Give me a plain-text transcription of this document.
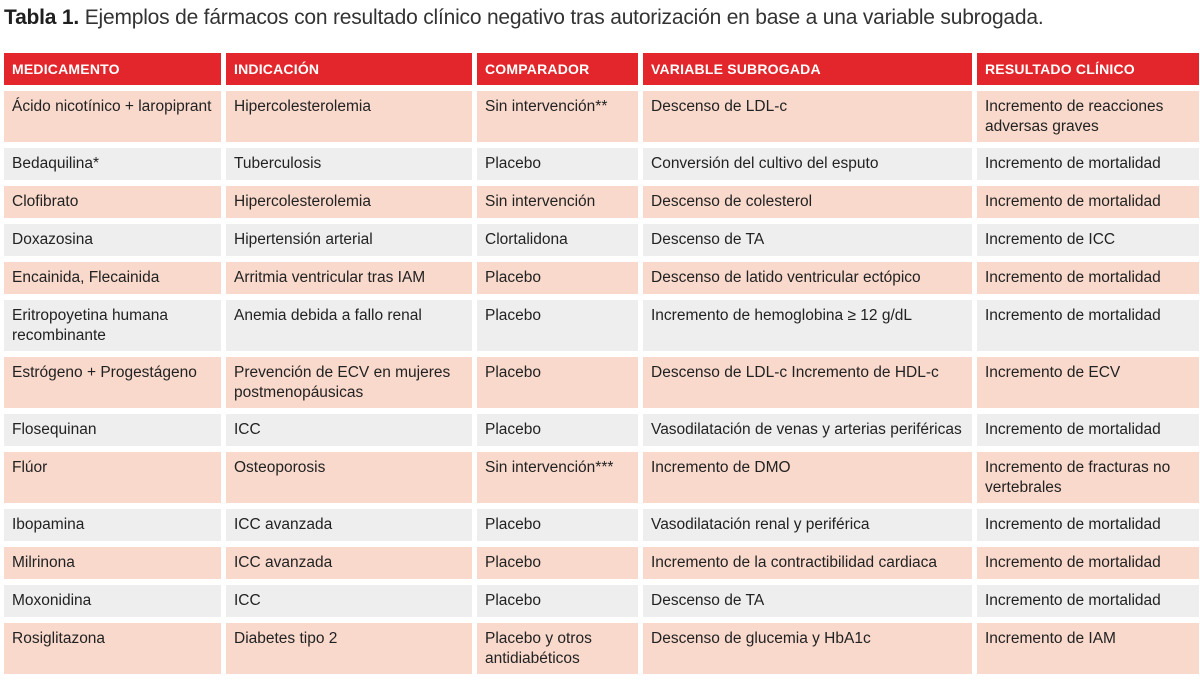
Tabla 1. Ejemplos de fármacos con resultado clínico negativo tras autorización en base a una variable subrogada.
MEDICAMENTO	INDICACIÓN	COMPARADOR	VARIABLE SUBROGADA	RESULTADO CLÍNICO
Ácido nicotínico + laropiprant	Hipercolesterolemia	Sin intervención**	Descenso de LDL-c	Incremento de reacciones adversas graves
Bedaquilina*	Tuberculosis	Placebo	Conversión del cultivo del esputo	Incremento de mortalidad
Clofibrato	Hipercolesterolemia	Sin intervención	Descenso de colesterol	Incremento de mortalidad
Doxazosina	Hipertensión arterial	Clortalidona	Descenso de TA	Incremento de ICC
Encainida, Flecainida	Arritmia ventricular tras IAM	Placebo	Descenso de latido ventricular ectópico	Incremento de mortalidad
Eritropoyetina humana recombinante	Anemia debida a fallo renal	Placebo	Incremento de hemoglobina ≥ 12 g/dL	Incremento de mortalidad
Estrógeno + Progestágeno	Prevención de ECV en mujeres postmenopáusicas	Placebo	Descenso de LDL-c Incremento de HDL-c	Incremento de ECV
Flosequinan	ICC	Placebo	Vasodilatación de venas y arterias periféricas	Incremento de mortalidad
Flúor	Osteoporosis	Sin intervención***	Incremento de DMO	Incremento de fracturas no vertebrales
Ibopamina	ICC avanzada	Placebo	Vasodilatación renal y periférica	Incremento de mortalidad
Milrinona	ICC avanzada	Placebo	Incremento de la contractibilidad cardiaca	Incremento de mortalidad
Moxonidina	ICC	Placebo	Descenso de TA	Incremento de mortalidad
Rosiglitazona	Diabetes tipo 2	Placebo y otros antidiabéticos	Descenso de glucemia y HbA1c	Incremento de IAM
